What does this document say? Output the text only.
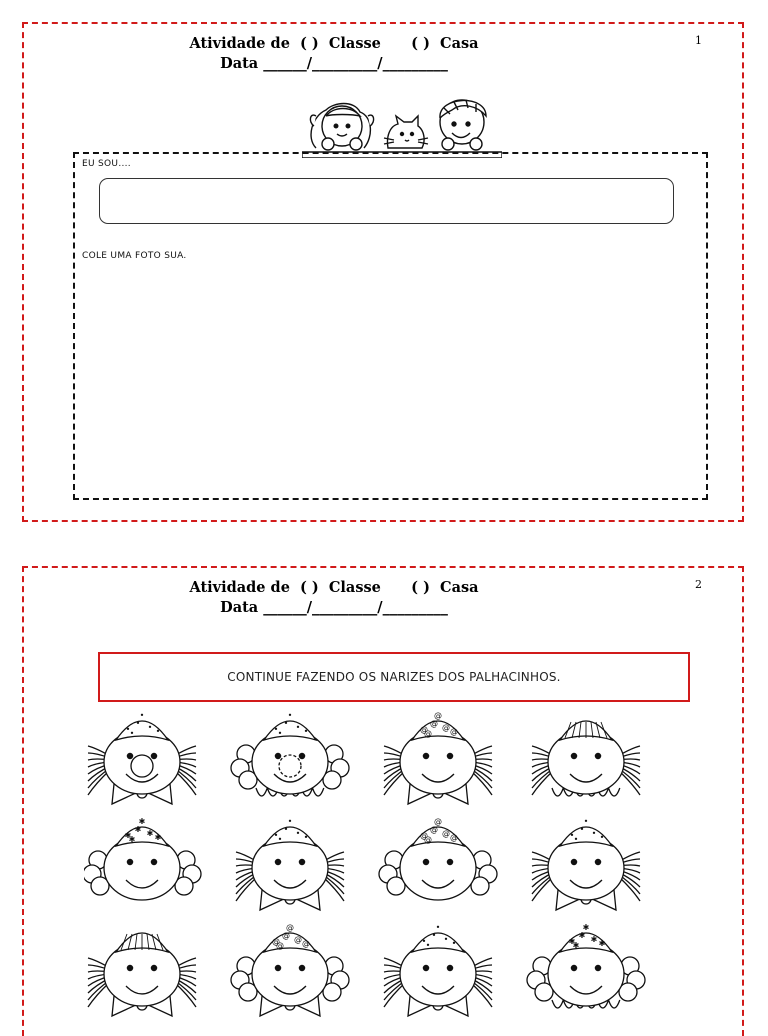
Atividade de  ( )  Classe      ( )  Casa
Data ______/_________/_________
1
EU SOU....
COLE UMA FOTO SUA.
Atividade de  ( )  Classe      ( )  Casa
Data ______/_________/_________
2
CONTINUE FAZENDO OS NARIZES DOS PALHACINHOS.
•
• • •
•
•	•
• • •
•
•	@
@ @ @
@
@
✱
✱ ✱ ✱
✱
✱	•
• • •
•
•	@
@ @ @
@
@	•
• • •
•
•
@
@ @ @
@
@	•
• • •
•
•	✱
✱ ✱ ✱
✱
✱
